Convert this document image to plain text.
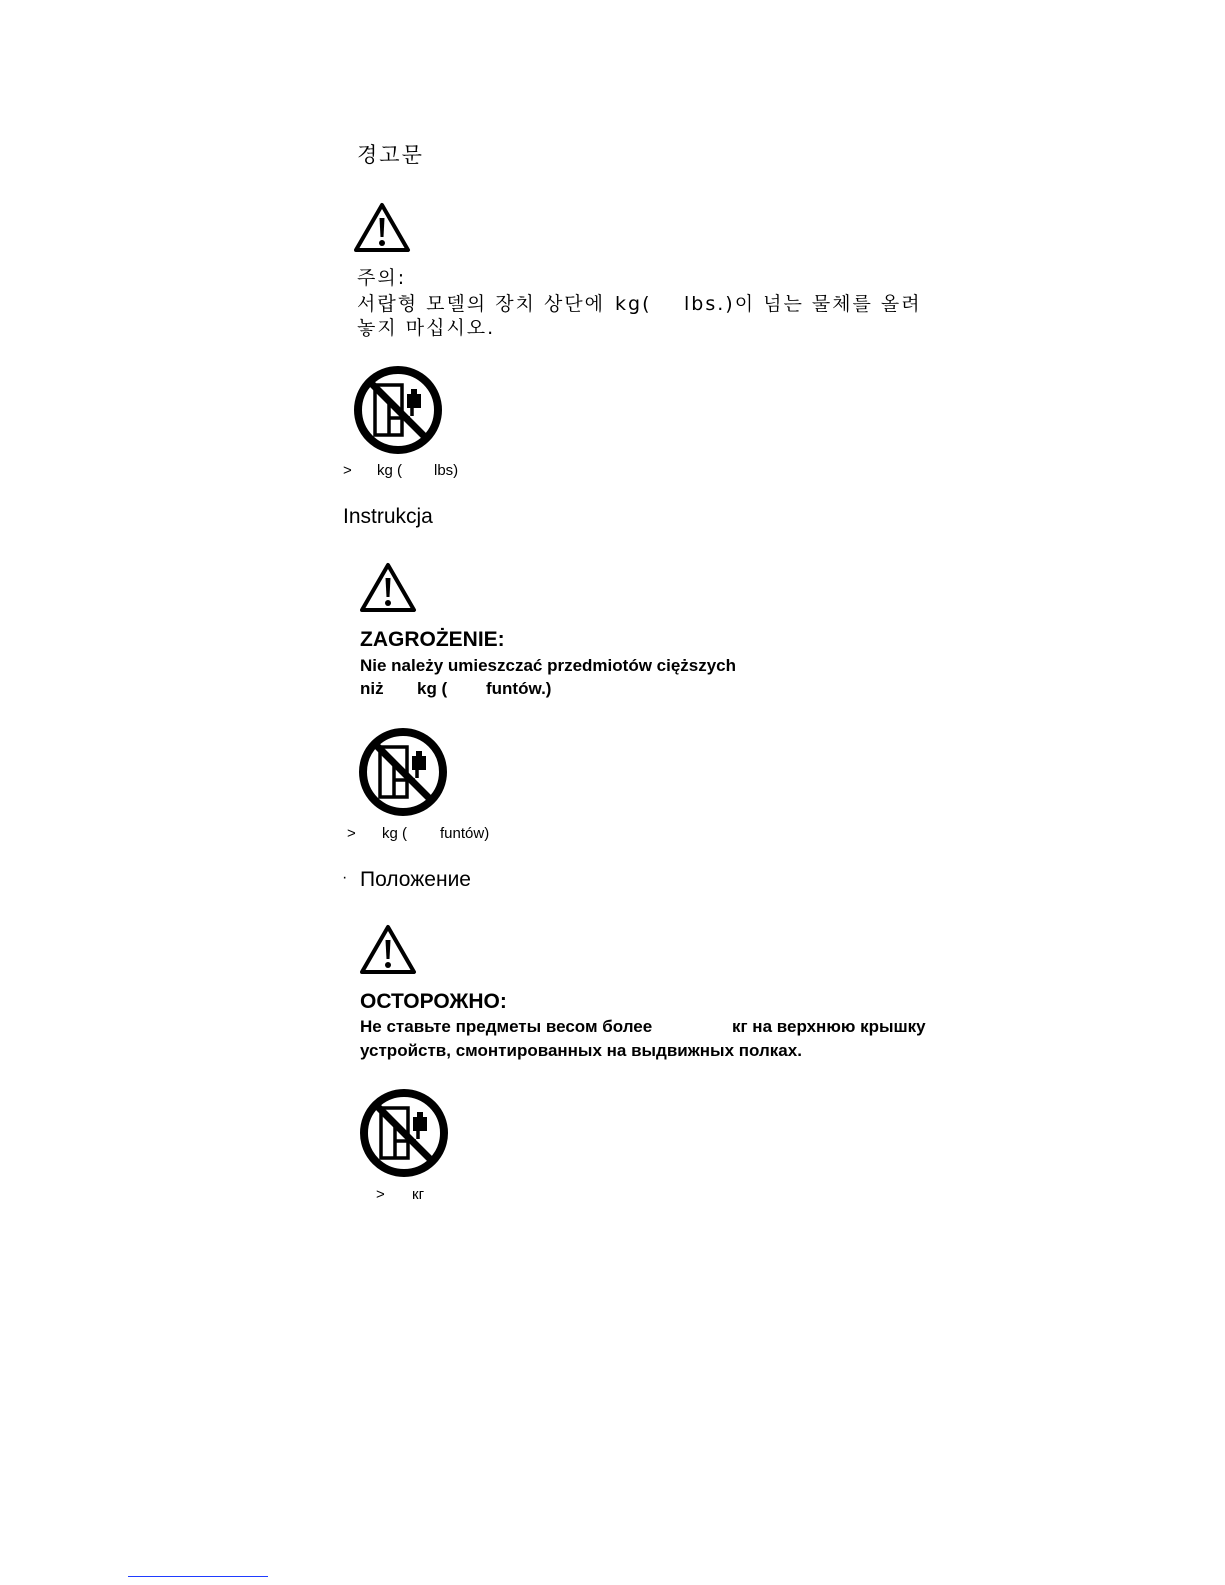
경고문
주의:
서랍형 모델의 장치 상단에 kg( lbs.)이 넘는 물체를 올려
놓지 마십시오.
> kg ( lbs)
Instrukcja
ZAGROŻENIE:
Nie należy umieszczać przedmiotów cięższych
niż kg ( funtów.)
> kg ( funtów)
· Положение
ОСТОРОЖНО:
Не ставьте предметы весом более	кг на верхнюю крышку
устройств, смонтированных на выдвижных полках.
> кг
